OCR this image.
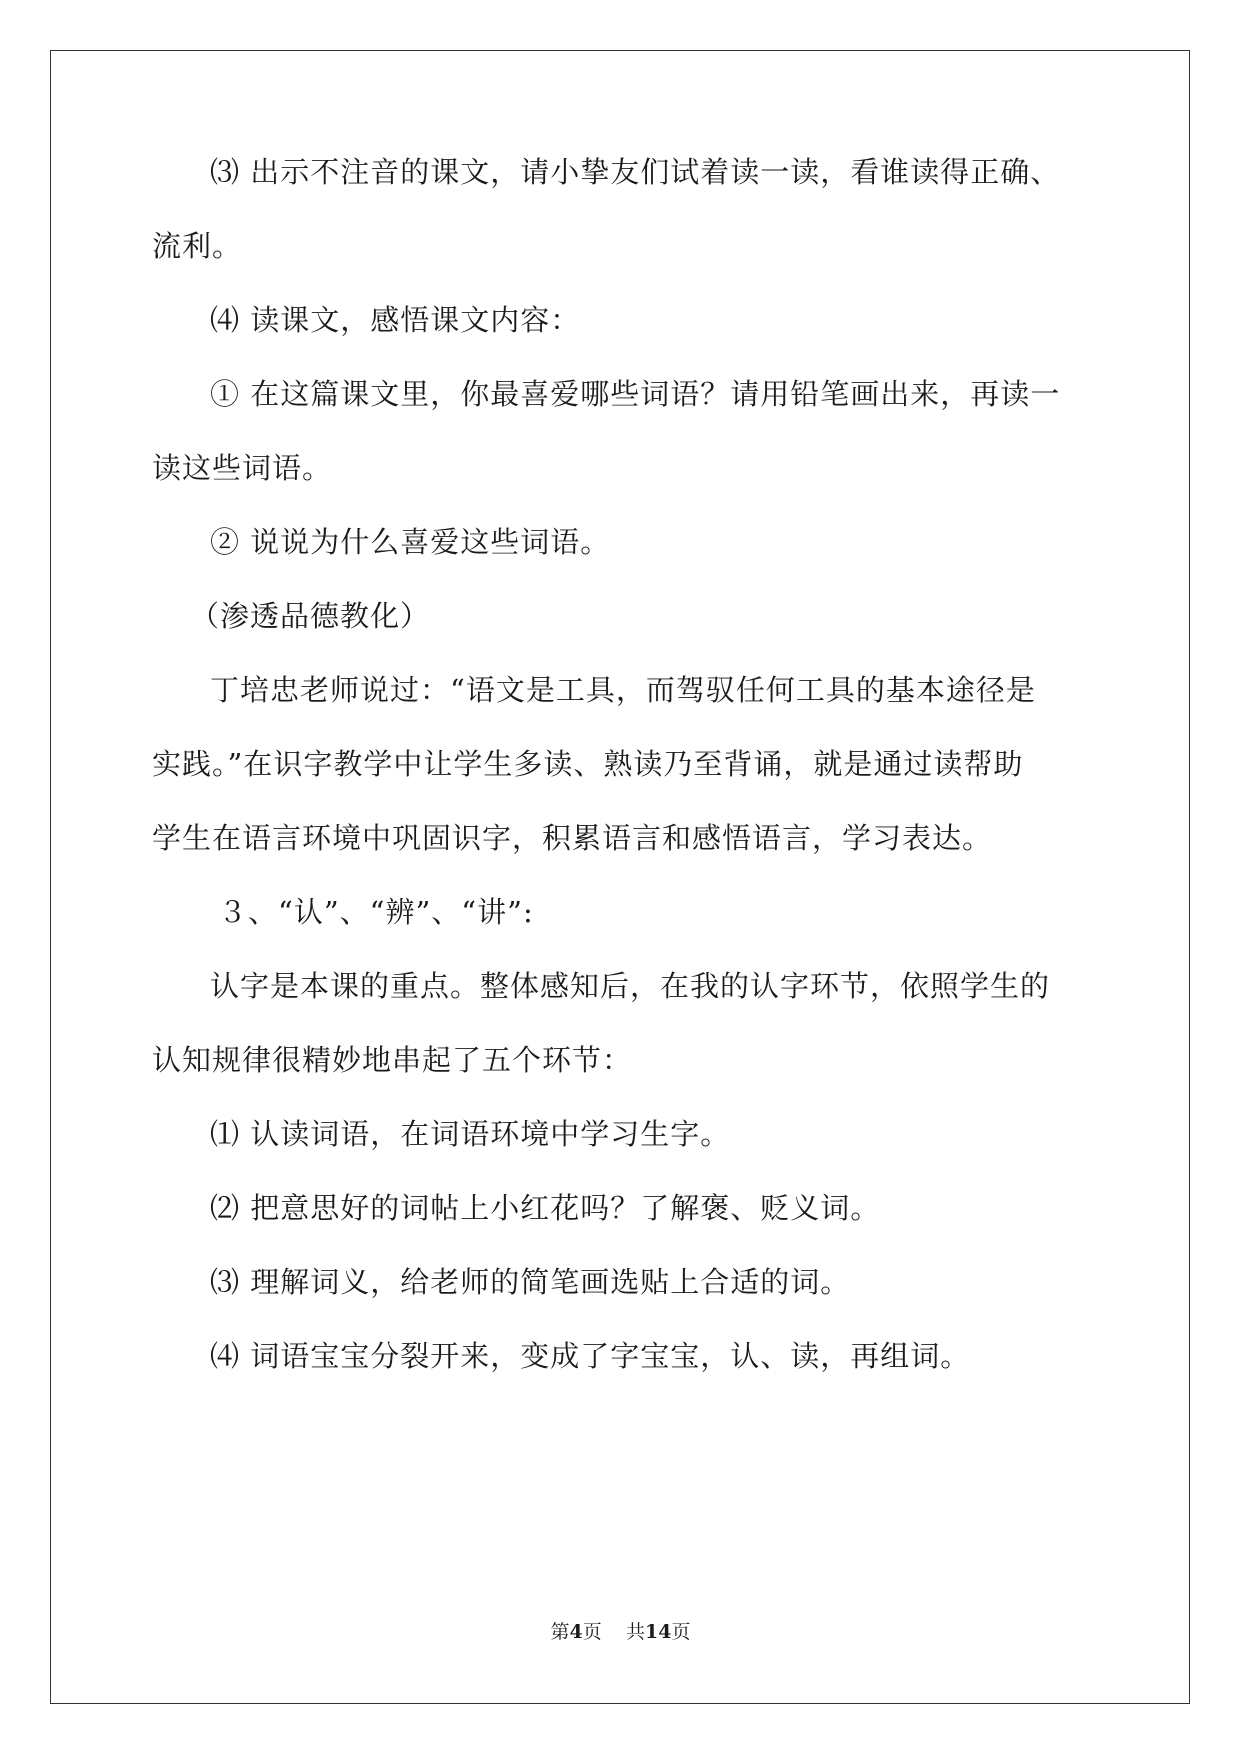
⑶ 出示不注音的课文，请小挚友们试着读一读，看谁读得正确、
流利。
⑷ 读课文，感悟课文内容：
① 在这篇课文里，你最喜爱哪些词语？请用铅笔画出来，再读一
读这些词语。
② 说说为什么喜爱这些词语。
（渗透品德教化）
丁培忠老师说过：“语文是工具，而驾驭任何工具的基本途径是
实践。”在识字教学中让学生多读、熟读乃至背诵，就是通过读帮助
学生在语言环境中巩固识字，积累语言和感悟语言，学习表达。
３、“认”、“辨”、“讲”:
认字是本课的重点。整体感知后，在我的认字环节，依照学生的
认知规律很精妙地串起了五个环节：
⑴ 认读词语，在词语环境中学习生字。
⑵ 把意思好的词帖上小红花吗？了解褒、贬义词。
⑶ 理解词义，给老师的简笔画选贴上合适的词。
⑷ 词语宝宝分裂开来，变成了字宝宝，认、读，再组词。
第4页 共14页
